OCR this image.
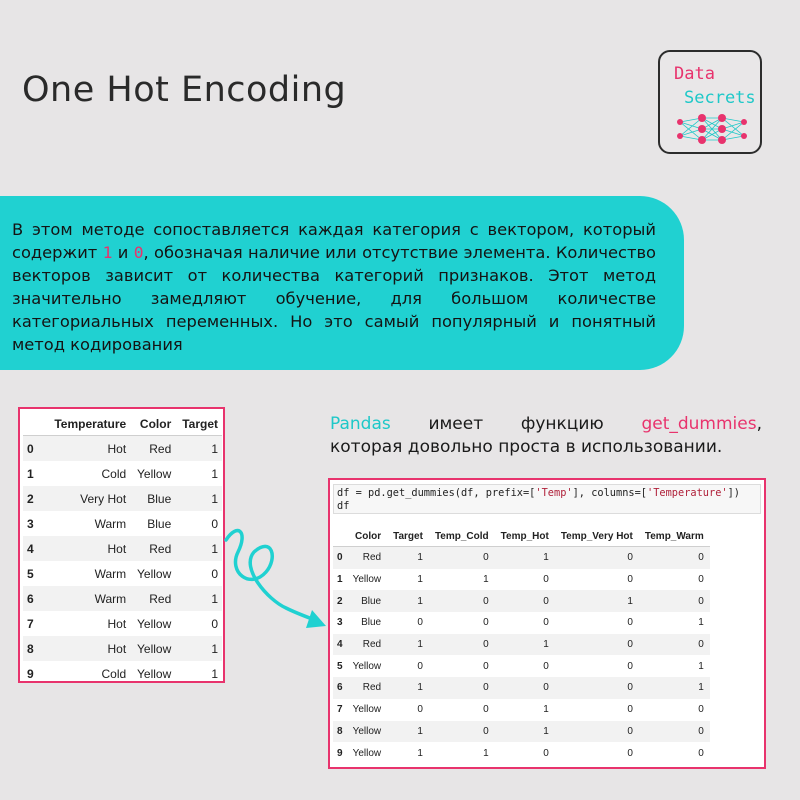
One Hot Encoding	Data
Secrets
В этом методе сопоставляется каждая категория с вектором, который содержит 1 и 0, обозначая наличие или отсутствие элемента. Количество векторов зависит от количества категорий признаков. Этот метод значительно замедляют обучение, для большом количестве категориальных переменных. Но это самый популярный и понятный метод кодирования
	Temperature	Color	Target
0	Hot	Red	1
1	Cold	Yellow	1
2	Very Hot	Blue	1
3	Warm	Blue	0
4	Hot	Red	1
5	Warm	Yellow	0
6	Warm	Red	1
7	Hot	Yellow	0
8	Hot	Yellow	1
9	Cold	Yellow	1
Pandas имеет функцию get_dummies,
которая довольно проста в использовании.
df = pd.get_dummies(df, prefix=['Temp'], columns=['Temperature'])
df
	Color	Target	Temp_Cold	Temp_Hot	Temp_Very Hot	Temp_Warm
0	Red	1	0	1	0	0
1	Yellow	1	1	0	0	0
2	Blue	1	0	0	1	0
3	Blue	0	0	0	0	1
4	Red	1	0	1	0	0
5	Yellow	0	0	0	0	1
6	Red	1	0	0	0	1
7	Yellow	0	0	1	0	0
8	Yellow	1	0	1	0	0
9	Yellow	1	1	0	0	0
